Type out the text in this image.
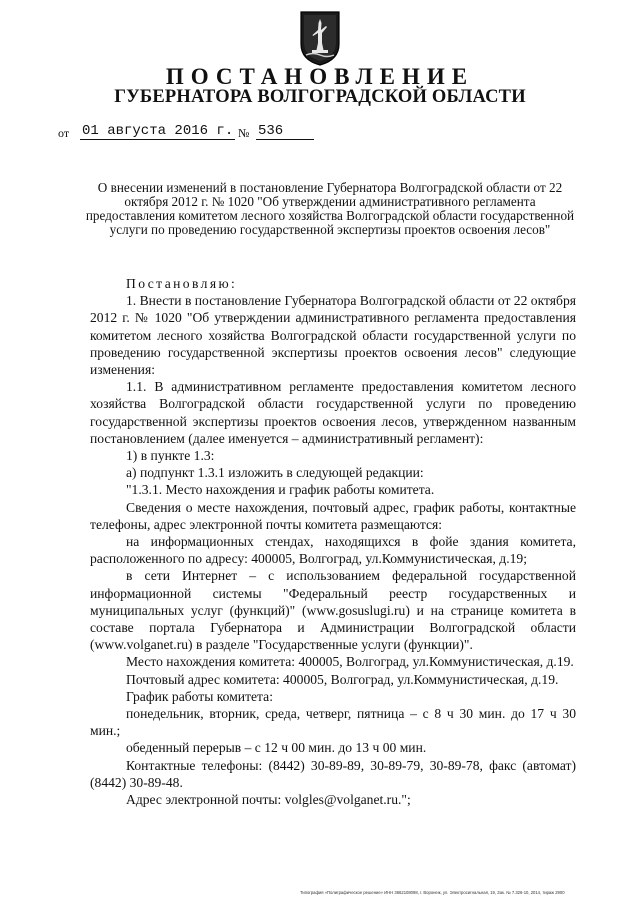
ПОСТАНОВЛЕНИЕ
ГУБЕРНАТОРА ВОЛГОГРАДСКОЙ ОБЛАСТИ
от 01 августа 2016 г. № 536
О внесении изменений в постановление Губернатора Волгоградской области от 22 октября 2012 г. № 1020 "Об утверждении административного регламента предоставления комитетом лесного хозяйства Волгоградской области государственной услуги по проведению государственной экспертизы проектов освоения лесов"

Постановляю:

1. Внести в постановление Губернатора Волгоградской области от 22 октября 2012 г. № 1020 "Об утверждении административного регламента предоставления комитетом лесного хозяйства Волгоградской области государственной услуги по проведению государственной экспертизы проектов освоения лесов" следующие изменения:

1.1. В административном регламенте предоставления комитетом лесного хозяйства Волгоградской области государственной услуги по проведению государственной экспертизы проектов освоения лесов, утвержденном названным постановлением (далее именуется – административный регламент):

1) в пункте 1.3:

а) подпункт 1.3.1 изложить в следующей редакции:

"1.3.1. Место нахождения и график работы комитета.

Сведения о месте нахождения, почтовый адрес, график работы, контактные телефоны, адрес электронной почты комитета размещаются:

на информационных стендах, находящихся в фойе здания комитета, расположенного по адресу: 400005, Волгоград, ул.Коммунистическая, д.19;

в сети Интернет – с использованием федеральной государственной информационной системы "Федеральный реестр государственных и муниципальных услуг (функций)" (www.gosuslugi.ru) и на странице комитета в составе портала Губернатора и Администрации Волгоградской области (www.volganet.ru) в разделе "Государственные услуги (функции)".

Место нахождения комитета: 400005, Волгоград, ул.Коммунистическая, д.19.

Почтовый адрес комитета: 400005, Волгоград, ул.Коммунистическая, д.19.

График работы комитета:

понедельник, вторник, среда, четверг, пятница – с 8 ч 30 мин. до 17 ч 30 мин.;

обеденный перерыв – с 12 ч 00 мин. до 13 ч 00 мин.

Контактные телефоны: (8442) 30-89-89, 30-89-79, 30-89-78, факс (автомат) (8442) 30-89-48.

Адрес электронной почты: volgles@volganet.ru.";

Типография «Полиграфическое решение» ИНН 3662108098, г. Воронеж, ул. Электросигнальная, 19, Зак. № 7.326-10, 2014, тираж 2900
